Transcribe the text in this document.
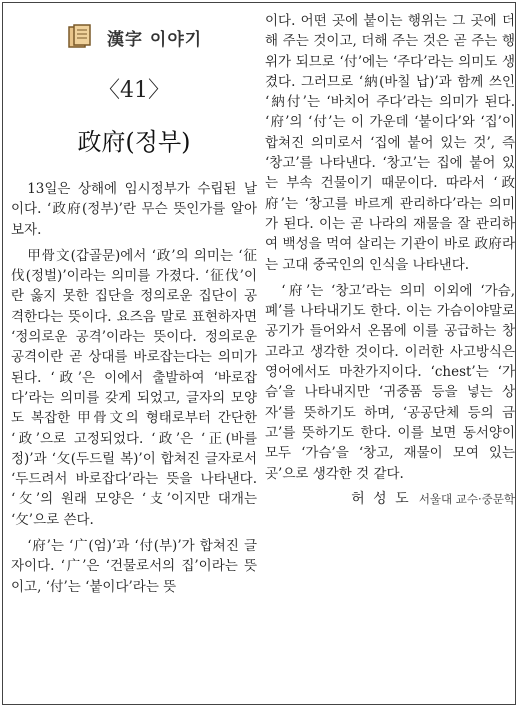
漢字 이야기
〈41〉
政府(정부)

13일은 상해에 임시정부가 수립된 날이다. ‘政府(정부)’란 무슨 뜻인가를 알아보자.

甲骨文(갑골문)에서 ‘政’의 의미는 ‘征伐(정벌)’이라는 의미를 가졌다. ‘征伐’이란 옳지 못한 집단을 정의로운 집단이 공격한다는 뜻이다. 요즈음 말로 표현하자면 ‘정의로운 공격’이라는 뜻이다. 정의로운 공격이란 곧 상대를 바로잡는다는 의미가 된다. ‘政’은 이에서 출발하여 ‘바로잡다’라는 의미를 갖게 되었고, 글자의 모양도 복잡한 甲骨文의 형태로부터 간단한 ‘政’으로 고정되었다. ‘政’은 ‘正(바를 정)’과 ‘攵(두드릴 복)’이 합쳐진 글자로서 ‘두드려서 바로잡다’라는 뜻을 나타낸다. ‘攵’의 원래 모양은 ‘攴’이지만 대개는 ‘攵’으로 쓴다.

‘府’는 ‘广(엄)’과 ‘付(부)’가 합쳐진 글자이다. ‘广’은 ‘건물로서의 집’이라는 뜻이고, ‘付’는 ‘붙이다’라는 뜻

이다. 어떤 곳에 붙이는 행위는 그 곳에 더해 주는 것이고, 더해 주는 것은 곧 주는 행위가 되므로 ‘付’에는 ‘주다’라는 의미도 생겼다. 그러므로 ‘納(바칠 납)’과 함께 쓰인 ‘納付’는 ‘바치어 주다’라는 의미가 된다. ‘府’의 ‘付’는 이 가운데 ‘붙이다’와 ‘집’이 합쳐진 의미로서 ‘집에 붙어 있는 것’, 즉 ‘창고’를 나타낸다. ‘창고’는 집에 붙어 있는 부속 건물이기 때문이다. 따라서 ‘政府’는 ‘창고를 바르게 관리하다’라는 의미가 된다. 이는 곧 나라의 재물을 잘 관리하여 백성을 먹여 살리는 기관이 바로 政府라는 고대 중국인의 인식을 나타낸다.

‘府’는 ‘창고’라는 의미 이외에 ‘가슴, 폐’를 나타내기도 한다. 이는 가슴이야말로 공기가 들어와서 온몸에 이를 공급하는 창고라고 생각한 것이다. 이러한 사고방식은 영어에서도 마찬가지이다. ‘chest’는 ‘가슴’을 나타내지만 ‘귀중품 등을 넣는 상자’를 뜻하기도 하며, ‘공공단체 등의 금고’를 뜻하기도 한다. 이를 보면 동서양이 모두 ‘가슴’을 ‘창고, 재물이 모여 있는 곳’으로 생각한 것 같다.

허 성 도 서울대 교수·중문학
